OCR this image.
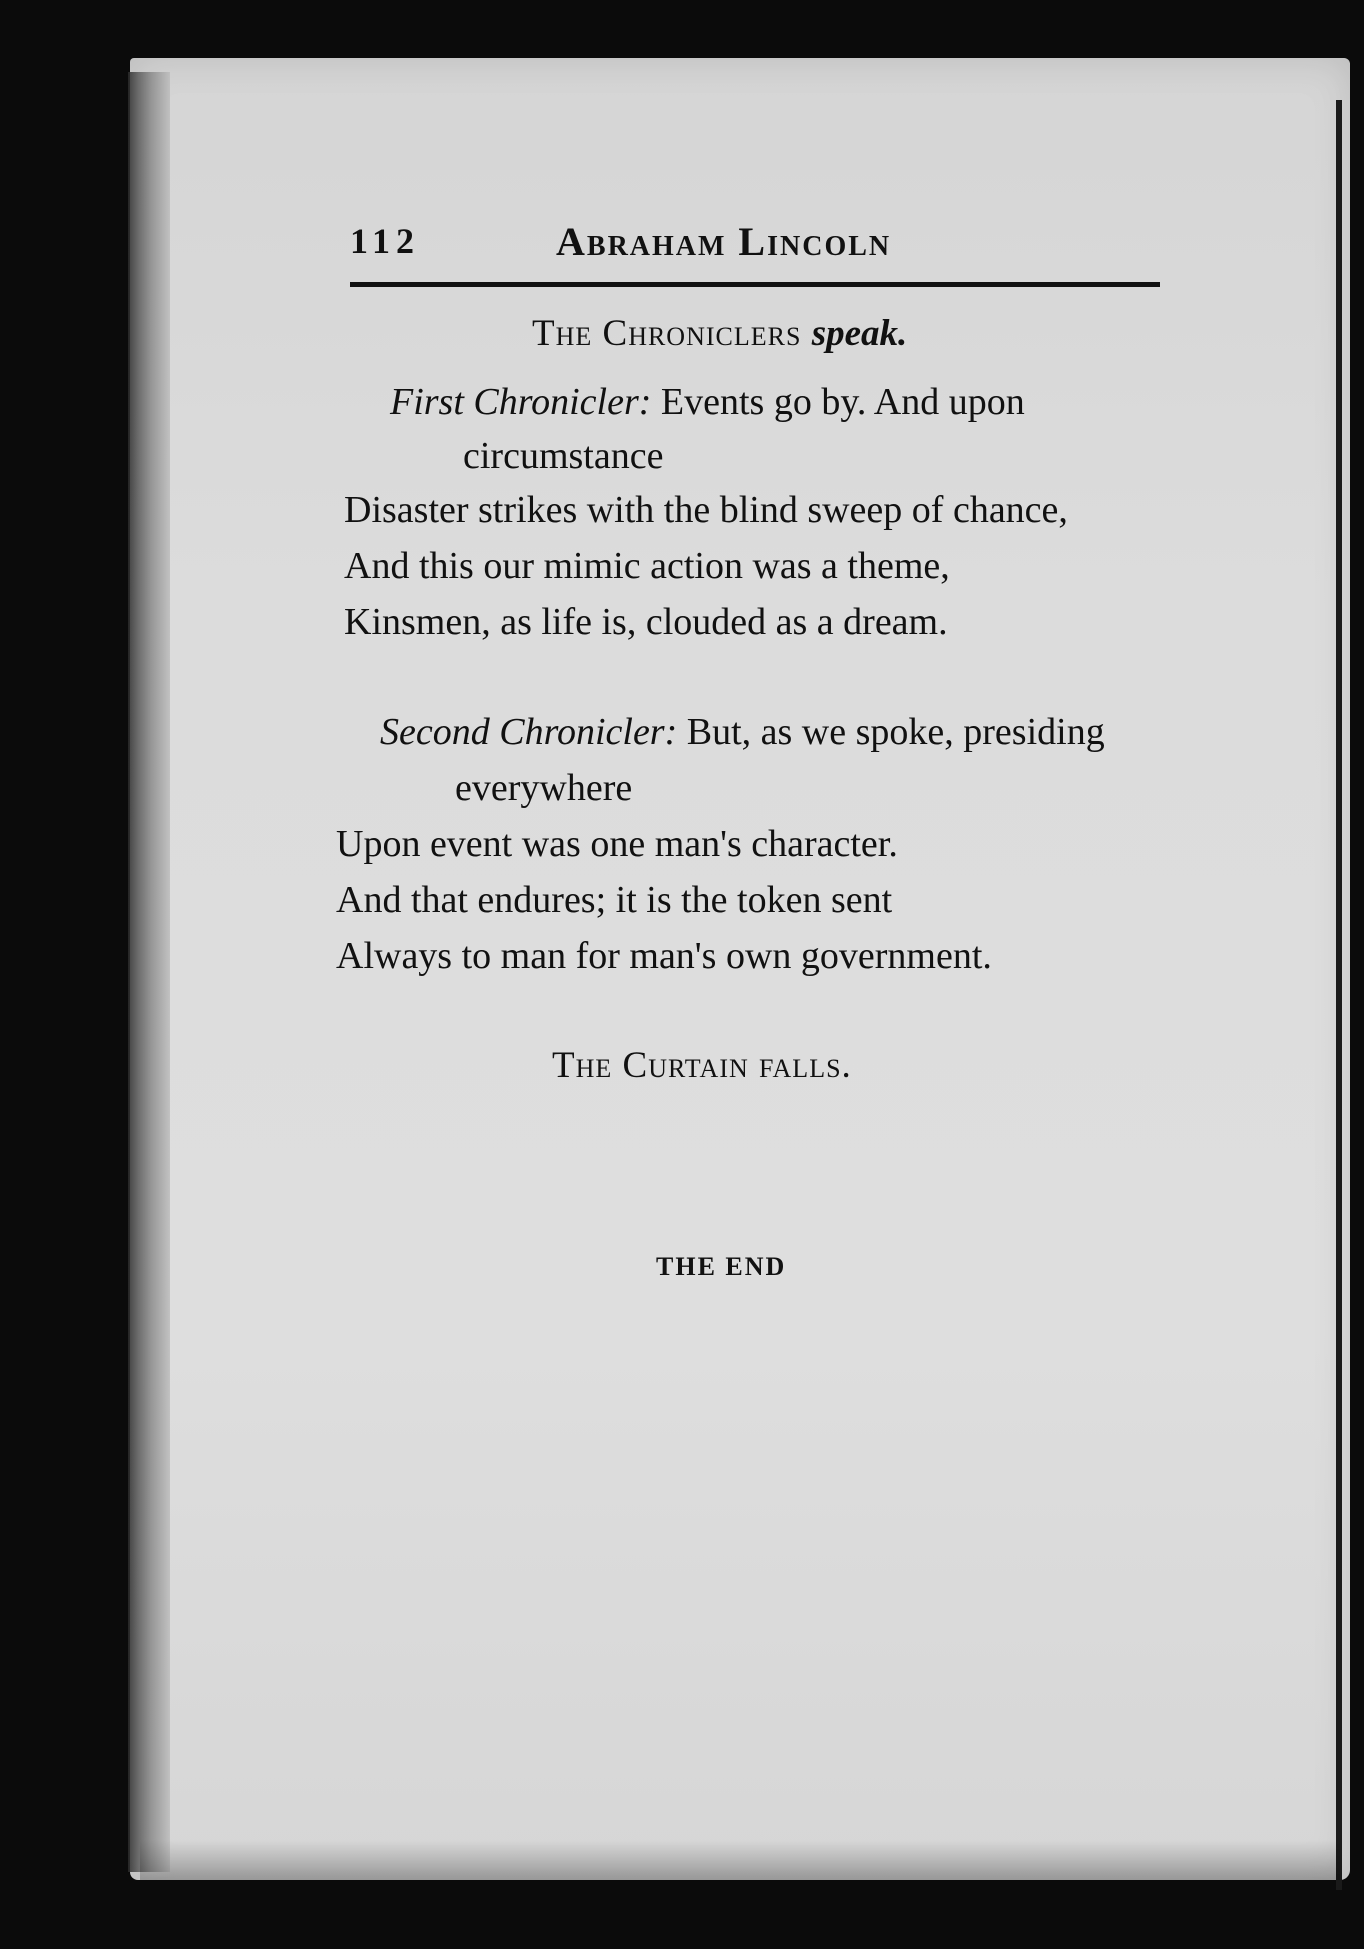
112	Abraham Lincoln
The Chroniclers speak.
First Chronicler: Events go by. And upon
circumstance
Disaster strikes with the blind sweep of chance,
And this our mimic action was a theme,
Kinsmen, as life is, clouded as a dream.
Second Chronicler: But, as we spoke, presiding
everywhere
Upon event was one man's character.
And that endures; it is the token sent
Always to man for man's own government.
The Curtain falls.
THE END
